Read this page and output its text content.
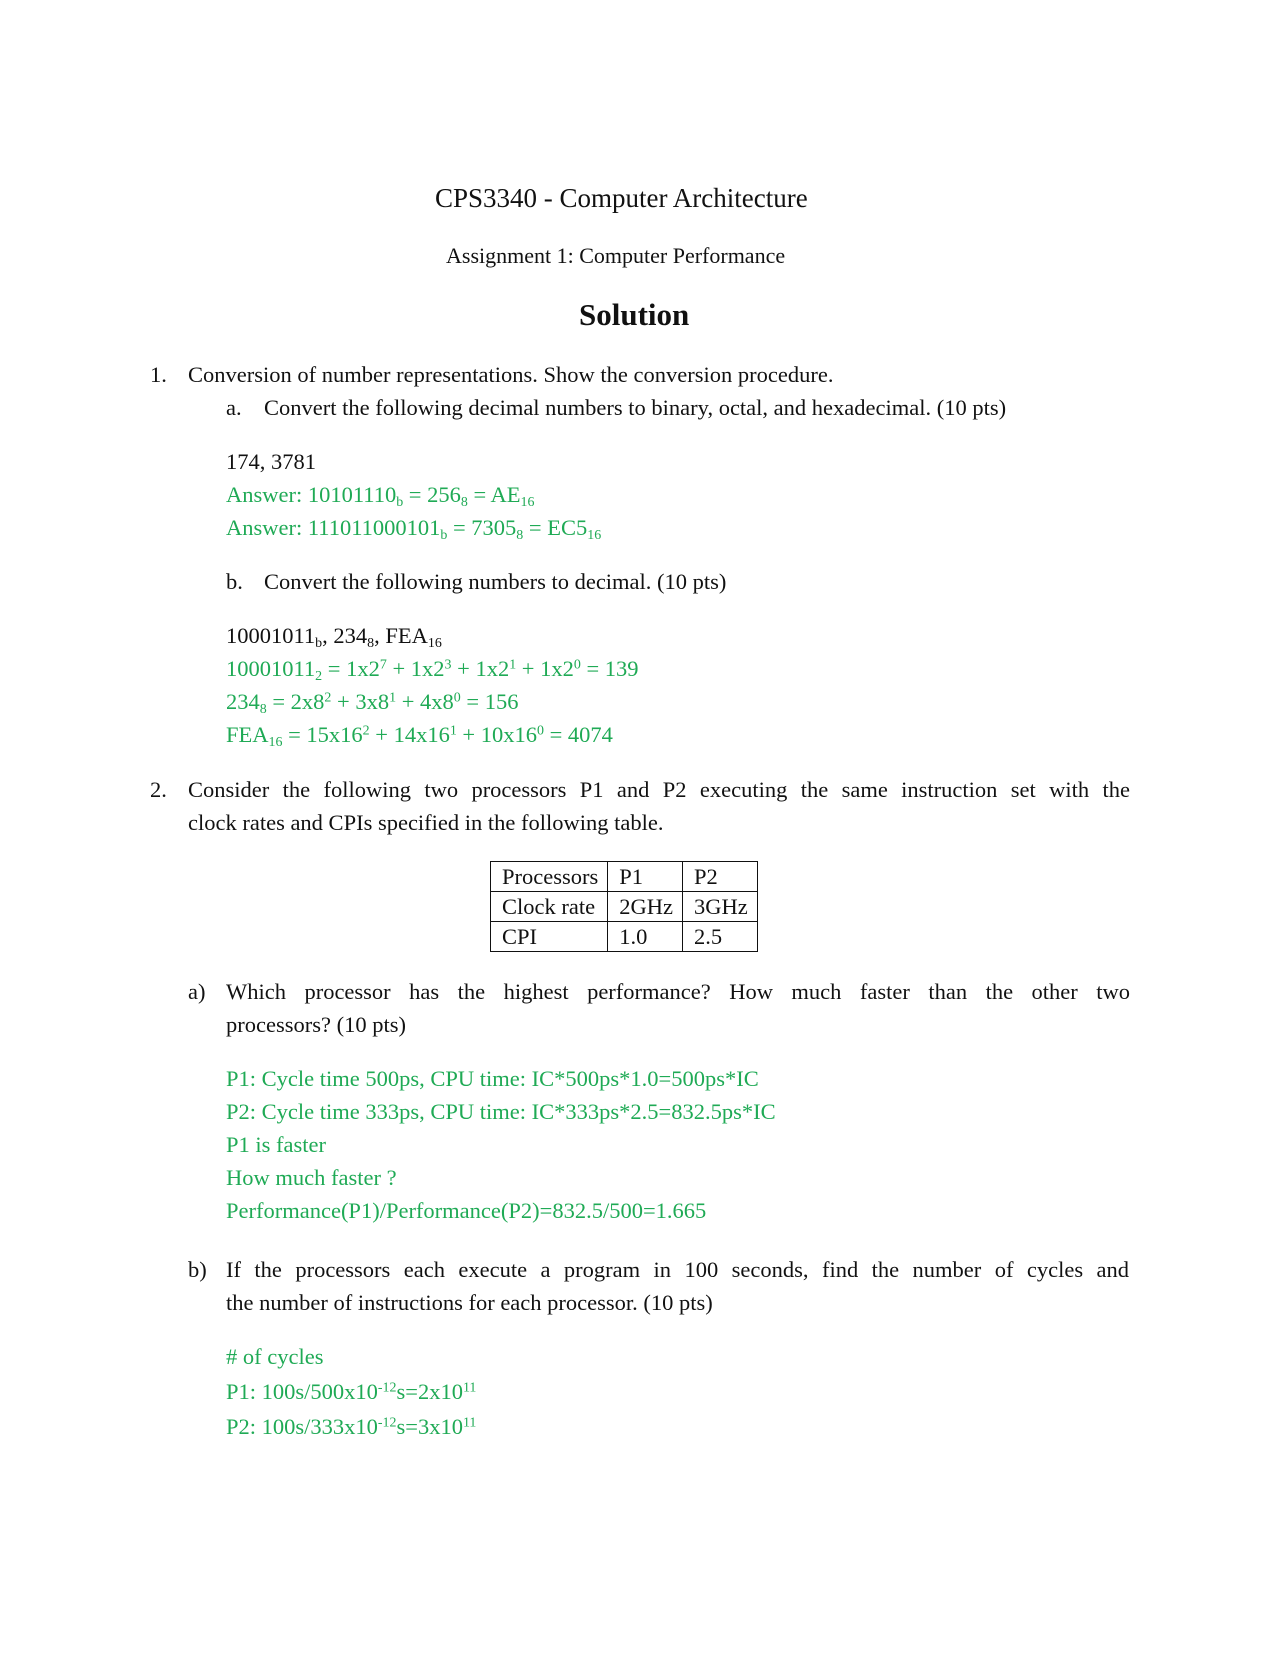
CPS3340 - Computer Architecture
Assignment 1: Computer Performance
Solution
1. Conversion of number representations. Show the conversion procedure.
a. Convert the following decimal numbers to binary, octal, and hexadecimal. (10 pts)
174, 3781
Answer: $10101110_b = 256_8 = AE_{16}$
Answer: $111011000101_b = 7305_8 = EC5_{16}$
b. Convert the following numbers to decimal. (10 pts)
$10001011_b$, $234_8$, $FEA_{16}$
$10001011_2 = 1x2^7 + 1x2^3 + 1x2^1 + 1x2^0 = 139$
$234_8 = 2x8^2 + 3x8^1 + 4x8^0 = 156$
$FEA_{16} = 15x16^2 + 14x16^1 + 10x16^0 = 4074$
2. Consider the following two processors P1 and P2 executing the same instruction set with the
clock rates and CPIs specified in the following table.
Processors	P1	P2
Clock rate	2GHz	3GHz
CPI	1.0	2.5
a) Which processor has the highest performance? How much faster than the other two
processors? (10 pts)
P1: Cycle time 500ps, CPU time: IC*500ps*1.0=500ps*IC
P2: Cycle time 333ps, CPU time: IC*333ps*2.5=832.5ps*IC
P1 is faster
How much faster ?
Performance(P1)/Performance(P2)=832.5/500=1.665
b) If the processors each execute a program in 100 seconds, find the number of cycles and
the number of instructions for each processor. (10 pts)
# of cycles
P1: $100s/500x10^{-12}s=2x10^{11}$
P2: $100s/333x10^{-12}s=3x10^{11}$
